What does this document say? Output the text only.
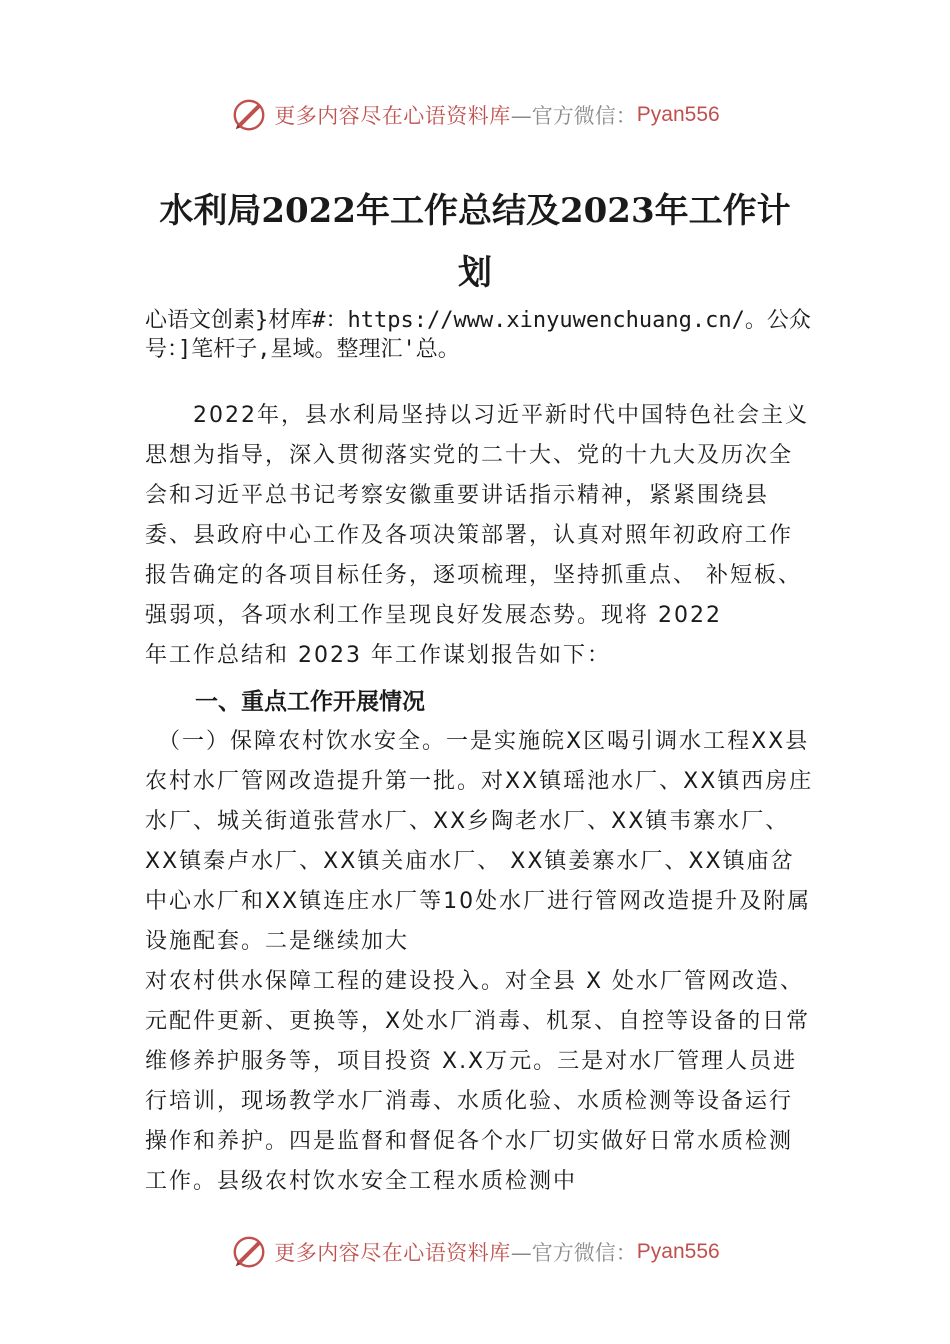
更多内容尽在心语资料库 —官方微信： Pyan556
水利局2022年工作总结及2023年工作计
划
心语文创素}材库#：https://www.xinyuwenchuang.cn/。公众号：]笔杆子,星域。整理汇'总。

　　2022年，县水利局坚持以习近平新时代中国特色社会主义思想为指导，深入贯彻落实党的二十大、党的十九大及历次全会和习近平总书记考察安徽重要讲话指示精神，紧紧围绕县委、县政府中心工作及各项决策部署，认真对照年初政府工作报告确定的各项目标任务，逐项梳理，坚持抓重点、 补短板、强弱项，各项水利工作呈现良好发展态势。现将 2022

年工作总结和 2023 年工作谋划报告如下：

一、重点工作开展情况

　（一）保障农村饮水安全。一是实施皖X区喝引调水工程XX县农村水厂管网改造提升第一批。对XX镇瑶池水厂、XX镇西房庄水厂、城关街道张营水厂、XX乡陶老水厂、XX镇韦寨水厂、XX镇秦卢水厂、XX镇关庙水厂、 XX镇姜寨水厂、XX镇庙岔中心水厂和XX镇连庄水厂等10处水厂进行管网改造提升及附属设施配套。二是继续加大

对农村供水保障工程的建设投入。对全县 X 处水厂管网改造、元配件更新、更换等，X处水厂消毒、机泵、自控等设备的日常维修养护服务等，项目投资 X.X万元。三是对水厂管理人员进行培训，现场教学水厂消毒、水质化验、水质检测等设备运行操作和养护。四是监督和督促各个水厂切实做好日常水质检测工作。县级农村饮水安全工程水质检测中

更多内容尽在心语资料库 —官方微信： Pyan556
